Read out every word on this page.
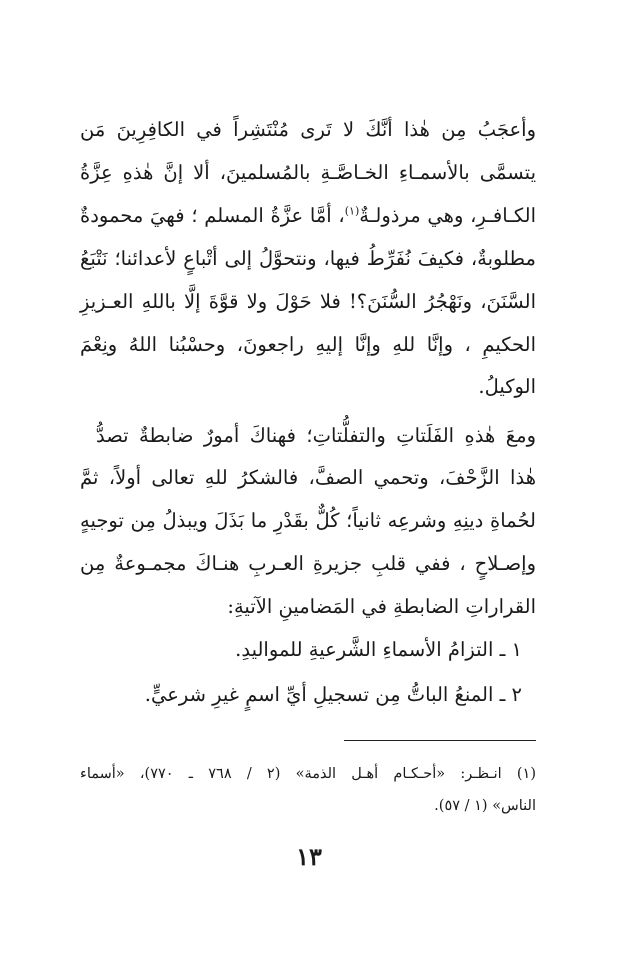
وأعجَبُ مِن هٰذا أنَّكَ لا تَرى مُنْتَشِراً في الكافِرِينَ مَن
يتسمَّى بالأسمـاءِ الخـاصَّـةِ بالمُسلمينَ، ألا إنَّ هٰذهِ عِزَّةُ
الكـافـرِ، وهي مرذولـةٌ$^{(١)}$، أمَّا عزَّةُ المسلم ؛ فهيَ محمودةٌ
مطلوبةٌ، فكيفَ نُفَرِّطُ فيها، ونتحوَّلُ إلى أتْباعٍ لأعدائنا؛ نَتْبَعُ
السَّنَنَ، ونَهْجُرُ السُّنَنَ؟! فلا حَوْلَ ولا قوَّةَ إلَّا باللهِ العـزيزِ
الحكيمِ ، وإنَّا للهِ وإنَّا إليهِ راجعونَ، وحسْبُنا اللهُ ونِعْمَ
الوكيلُ.
ومعَ هٰذهِ الفَلَتاتِ والتفلُّتاتِ؛ فهناكَ أمورٌ ضابطةٌ تصدُّ
هٰذا الزَّحْفَ، وتحمي الصفَّ، فالشكرُ للهِ تعالى أولاً، ثمَّ
لحُماةِ دينِهِ وشرعِه ثانياً؛ كُلٌّ بقَدْرِ ما بَذَلَ ويبذلُ مِن توجيهٍ
وإصـلاحٍ ، ففي قلبِ جزيرةِ العـربِ هنـاكَ مجمـوعةٌ مِن
القراراتِ الضابطةِ في المَضامينِ الآتيةِ:
١ ـ التزامُ الأسماءِ الشَّرعيةِ للمواليدِ.
٢ ـ المنعُ الباتُّ مِن تسجيلِ أيِّ اسمٍ غيرِ شرعيٍّ.
(١) انـظـر: «أحـكـام أهـل الذمة» (٢ / ٧٦٨ ـ ٧٧٠)، «أسماء
الناس» (١ / ٥٧).
١٣
